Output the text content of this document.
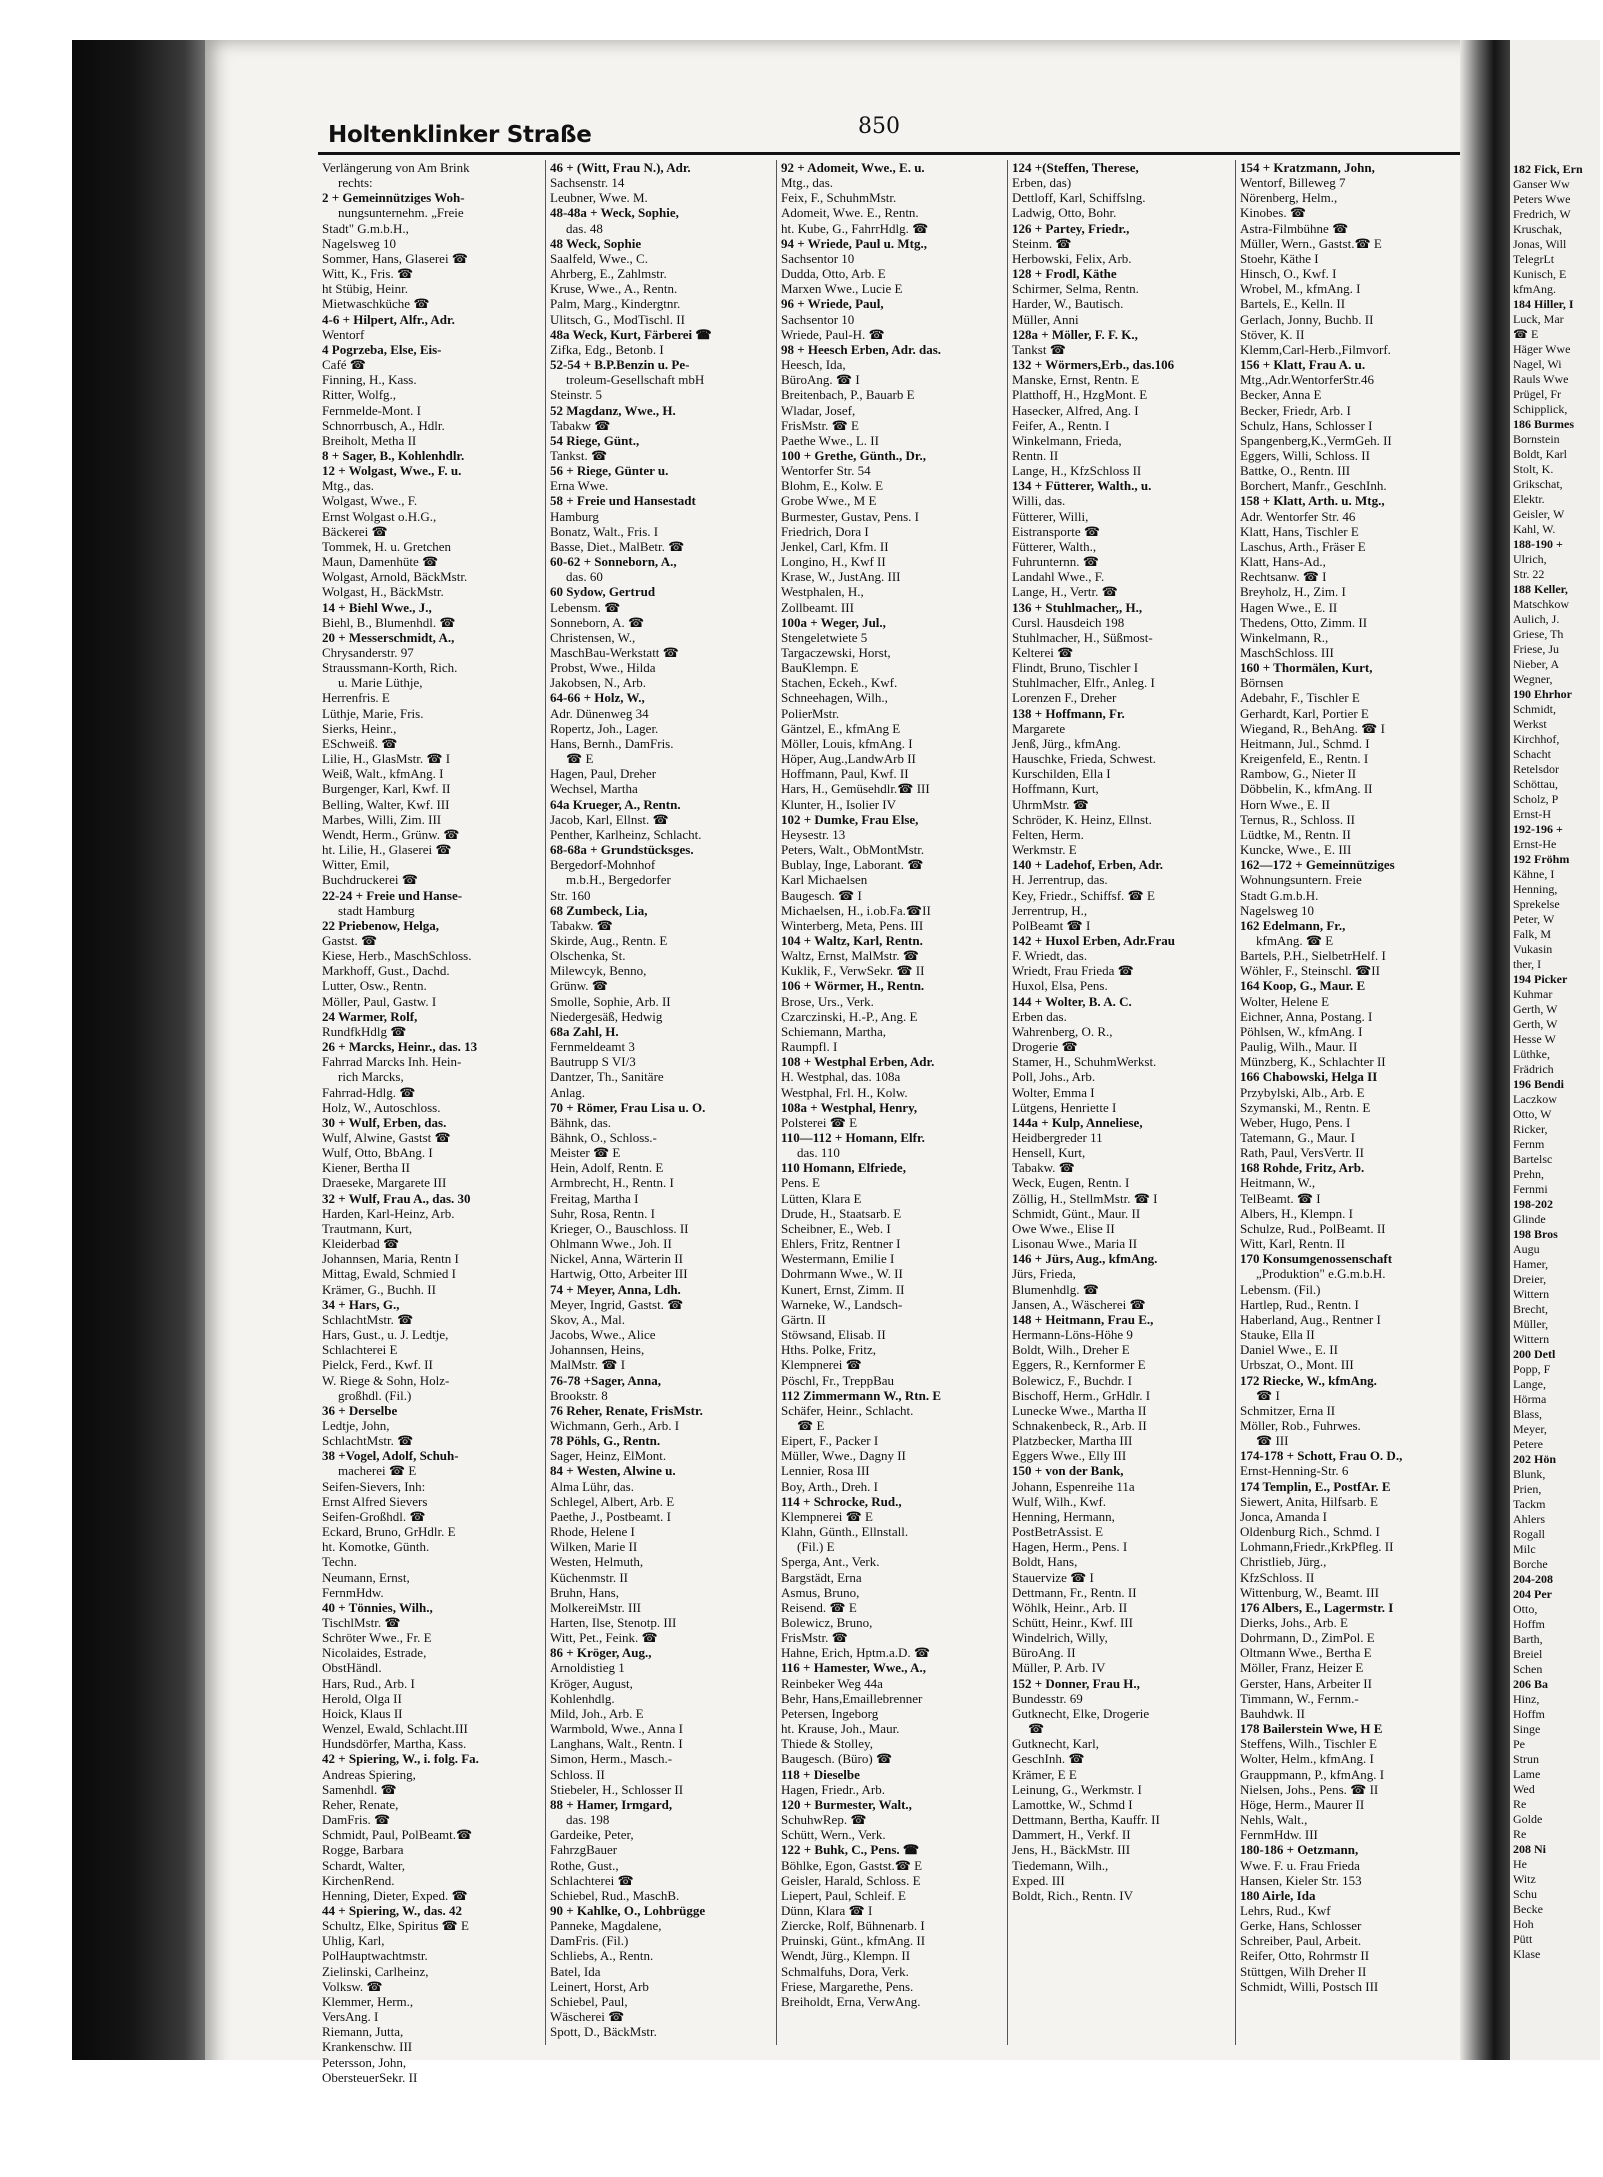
Holtenklinker Straße	850
Verlängerung von Am Brink
rechts:
2 + Gemeinnütziges Woh-
nungsunternehm. „Freie
Stadt" G.m.b.H.,
Nagelsweg 10
Sommer, Hans, Glaserei ☎
Witt, K., Fris. ☎
ht Stübig, Heinr.
Mietwaschküche ☎
4-6 + Hilpert, Alfr., Adr.
Wentorf
4 Pogrzeba, Else, Eis-
Café ☎
Finning, H., Kass.
Ritter, Wolfg.,
Fernmelde-Mont. I
Schnorrbusch, A., Hdlr.
Breiholt, Metha II
8 + Sager, B., Kohlenhdlr.
12 + Wolgast, Wwe., F. u.
Mtg., das.
Wolgast, Wwe., F.
Ernst Wolgast o.H.G.,
Bäckerei ☎
Tommek, H. u. Gretchen
Maun, Damenhüte ☎
Wolgast, Arnold, BäckMstr.
Wolgast, H., BäckMstr.
14 + Biehl Wwe., J.,
Biehl, B., Blumenhdl. ☎
20 + Messerschmidt, A.,
Chrysanderstr. 97
Straussmann-Korth, Rich.
u. Marie Lüthje,
Herrenfris. E
Lüthje, Marie, Fris.
Sierks, Heinr.,
ESchweiß. ☎
Lilie, H., GlasMstr. ☎ I
Weiß, Walt., kfmAng. I
Burgenger, Karl, Kwf. II
Belling, Walter, Kwf. III
Marbes, Willi, Zim. III
Wendt, Herm., Grünw. ☎
ht. Lilie, H., Glaserei ☎
Witter, Emil,
Buchdruckerei ☎
22-24 + Freie und Hanse-
stadt Hamburg
22 Priebenow, Helga,
Gastst. ☎
Kiese, Herb., MaschSchloss.
Markhoff, Gust., Dachd.
Lutter, Osw., Rentn.
Möller, Paul, Gastw. I
24 Warmer, Rolf,
RundfkHdlg ☎
26 + Marcks, Heinr., das. 13
Fahrrad Marcks Inh. Hein-
rich Marcks,
Fahrrad-Hdlg. ☎
Holz, W., Autoschloss.
30 + Wulf, Erben, das.
Wulf, Alwine, Gastst ☎
Wulf, Otto, BbAng. I
Kiener, Bertha II
Draeseke, Margarete III
32 + Wulf, Frau A., das. 30
Harden, Karl-Heinz, Arb.
Trautmann, Kurt,
Kleiderbad ☎
Johannsen, Maria, Rentn I
Mittag, Ewald, Schmied I
Krämer, G., Buchh. II
34 + Hars, G.,
SchlachtMstr. ☎
Hars, Gust., u. J. Ledtje,
Schlachterei E
Pielck, Ferd., Kwf. II
W. Riege & Sohn, Holz-
großhdl. (Fil.)
36 + Derselbe
Ledtje, John,
SchlachtMstr. ☎
38 +Vogel, Adolf, Schuh-
macherei ☎ E
Seifen-Sievers, Inh:
Ernst Alfred Sievers
Seifen-Großhdl. ☎
Eckard, Bruno, GrHdlr. E
ht. Komotke, Günth.
Techn.
Neumann, Ernst,
FernmHdw.
40 + Tönnies, Wilh.,
TischlMstr. ☎
Schröter Wwe., Fr. E
Nicolaides, Estrade,
ObstHändl.
Hars, Rud., Arb. I
Herold, Olga II
Hoick, Klaus II
Wenzel, Ewald, Schlacht.III
Hundsdörfer, Martha, Kass.
42 + Spiering, W., i. folg. Fa.
Andreas Spiering,
Samenhdl. ☎
Reher, Renate,
DamFris. ☎
Schmidt, Paul, PolBeamt.☎
Rogge, Barbara
Schardt, Walter,
KirchenRend.
Henning, Dieter, Exped. ☎
44 + Spiering, W., das. 42
Schultz, Elke, Spiritus ☎ E
Uhlig, Karl,
PolHauptwachtmstr.
Zielinski, Carlheinz,
Volksw. ☎
Klemmer, Herm.,
VersAng. I
Riemann, Jutta,
Krankenschw. III
Petersson, John,
ObersteuerSekr. II
46 + (Witt, Frau N.), Adr.
Sachsenstr. 14
Leubner, Wwe. M.
48-48a + Weck, Sophie,
das. 48
48 Weck, Sophie
Saalfeld, Wwe., C.
Ahrberg, E., Zahlmstr.
Kruse, Wwe., A., Rentn.
Palm, Marg., Kindergtnr.
Ulitsch, G., ModTischl. II
48a Weck, Kurt, Färberei ☎
Zifka, Edg., Betonb. I
52-54 + B.P.Benzin u. Pe-
troleum-Gesellschaft mbH
Steinstr. 5
52 Magdanz, Wwe., H.
Tabakw ☎
54 Riege, Günt.,
Tankst. ☎
56 + Riege, Günter u.
Erna Wwe.
58 + Freie und Hansestadt
Hamburg
Bonatz, Walt., Fris. I
Basse, Diet., MalBetr. ☎
60-62 + Sonneborn, A.,
das. 60
60 Sydow, Gertrud
Lebensm. ☎
Sonneborn, A. ☎
Christensen, W.,
MaschBau-Werkstatt ☎
Probst, Wwe., Hilda
Jakobsen, N., Arb.
64-66 + Holz, W.,
Adr. Dünenweg 34
Ropertz, Joh., Lager.
Hans, Bernh., DamFris.
☎ E
Hagen, Paul, Dreher
Wechsel, Martha
64a Krueger, A., Rentn.
Jacob, Karl, Ellnst. ☎
Penther, Karlheinz, Schlacht.
68-68a + Grundstücksges.
Bergedorf-Mohnhof
m.b.H., Bergedorfer
Str. 160
68 Zumbeck, Lia,
Tabakw. ☎
Skirde, Aug., Rentn. E
Olschenka, St.
Milewcyk, Benno,
Grünw. ☎
Smolle, Sophie, Arb. II
Niedergesäß, Hedwig
68a Zahl, H.
Fernmeldeamt 3
Bautrupp S VI/3
Dantzer, Th., Sanitäre
Anlag.
70 + Römer, Frau Lisa u. O.
Bähnk, das.
Bähnk, O., Schloss.-
Meister ☎ E
Hein, Adolf, Rentn. E
Armbrecht, H., Rentn. I
Freitag, Martha I
Suhr, Rosa, Rentn. I
Krieger, O., Bauschloss. II
Ohlmann Wwe., Joh. II
Nickel, Anna, Wärterin II
Hartwig, Otto, Arbeiter III
74 + Meyer, Anna, Ldh.
Meyer, Ingrid, Gastst. ☎
Skov, A., Mal.
Jacobs, Wwe., Alice
Johannsen, Heins,
MalMstr. ☎ I
76-78 +Sager, Anna,
Brookstr. 8
76 Reher, Renate, FrisMstr.
Wichmann, Gerh., Arb. I
78 Pöhls, G., Rentn.
Sager, Heinz, ElMont.
84 + Westen, Alwine u.
Alma Lühr, das.
Schlegel, Albert, Arb. E
Paethe, J., Postbeamt. I
Rhode, Helene I
Wilken, Marie II
Westen, Helmuth,
Küchenmstr. II
Bruhn, Hans,
MolkereiMstr. III
Harten, Ilse, Stenotp. III
Witt, Pet., Feink. ☎
86 + Kröger, Aug.,
Arnoldistieg 1
Kröger, August,
Kohlenhdlg.
Mild, Joh., Arb. E
Warmbold, Wwe., Anna I
Langhans, Walt., Rentn. I
Simon, Herm., Masch.-
Schloss. II
Stiebeler, H., Schlosser II
88 + Hamer, Irmgard,
das. 198
Gardeike, Peter,
FahrzgBauer
Rothe, Gust.,
Schlachterei ☎
Schiebel, Rud., MaschB.
90 + Kahlke, O., Lohbrügge
Panneke, Magdalene,
DamFris. (Fil.)
Schliebs, A., Rentn.
Batel, Ida
Leinert, Horst, Arb
Schiebel, Paul,
Wäscherei ☎
Spott, D., BäckMstr.
92 + Adomeit, Wwe., E. u.
Mtg., das.
Feix, F., SchuhmMstr.
Adomeit, Wwe. E., Rentn.
ht. Kube, G., FahrrHdlg. ☎
94 + Wriede, Paul u. Mtg.,
Sachsentor 10
Dudda, Otto, Arb. E
Marxen Wwe., Lucie E
96 + Wriede, Paul,
Sachsentor 10
Wriede, Paul-H. ☎
98 + Heesch Erben, Adr. das.
Heesch, Ida,
BüroAng. ☎ I
Breitenbach, P., Bauarb E
Wladar, Josef,
FrisMstr. ☎ E
Paethe Wwe., L. II
100 + Grethe, Günth., Dr.,
Wentorfer Str. 54
Blohm, E., Kolw. E
Grobe Wwe., M E
Burmester, Gustav, Pens. I
Friedrich, Dora I
Jenkel, Carl, Kfm. II
Longino, H., Kwf II
Krase, W., JustAng. III
Westphalen, H.,
Zollbeamt. III
100a + Weger, Jul.,
Stengeletwiete 5
Targaczewski, Horst,
BauKlempn. E
Stachen, Eckeh., Kwf.
Schneehagen, Wilh.,
PolierMstr.
Gäntzel, E., kfmAng E
Möller, Louis, kfmAng. I
Höper, Aug.,LandwArb II
Hoffmann, Paul, Kwf. II
Hars, H., Gemüsehdlr.☎ III
Klunter, H., Isolier IV
102 + Dumke, Frau Else,
Heysestr. 13
Peters, Walt., ObMontMstr.
Bublay, Inge, Laborant. ☎
Karl Michaelsen
Baugesch. ☎ I
Michaelsen, H., i.ob.Fa.☎II
Winterberg, Meta, Pens. III
104 + Waltz, Karl, Rentn.
Waltz, Ernst, MalMstr. ☎
Kuklik, F., VerwSekr. ☎ II
106 + Wörmer, H., Rentn.
Brose, Urs., Verk.
Czarczinski, H.-P., Ang. E
Schiemann, Martha,
Raumpfl. I
108 + Westphal Erben, Adr.
H. Westphal, das. 108a
Westphal, Frl. H., Kolw.
108a + Westphal, Henry,
Polsterei ☎ E
110—112 + Homann, Elfr.
das. 110
110 Homann, Elfriede,
Pens. E
Lütten, Klara E
Drude, H., Staatsarb. E
Scheibner, E., Web. I
Ehlers, Fritz, Rentner I
Westermann, Emilie I
Dohrmann Wwe., W. II
Kunert, Ernst, Zimm. II
Warneke, W., Landsch-
Gärtn. II
Stöwsand, Elisab. II
Hths. Polke, Fritz,
Klempnerei ☎
Pöschl, Fr., TreppBau
112 Zimmermann W., Rtn. E
Schäfer, Heinr., Schlacht.
☎ E
Eipert, F., Packer I
Müller, Wwe., Dagny II
Lennier, Rosa III
Boy, Arth., Dreh. I
114 + Schrocke, Rud.,
Klempnerei ☎ E
Klahn, Günth., Ellnstall.
(Fil.) E
Sperga, Ant., Verk.
Bargstädt, Erna
Asmus, Bruno,
Reisend. ☎ E
Bolewicz, Bruno,
FrisMstr. ☎
Hahne, Erich, Hptm.a.D. ☎
116 + Hamester, Wwe., A.,
Reinbeker Weg 44a
Behr, Hans,Emaillebrenner
Petersen, Ingeborg
ht. Krause, Joh., Maur.
Thiede & Stolley,
Baugesch. (Büro) ☎
118 + Dieselbe
Hagen, Friedr., Arb.
120 + Burmester, Walt.,
SchuhwRep. ☎
Schütt, Wern., Verk.
122 + Buhk, C., Pens. ☎
Böhlke, Egon, Gastst.☎ E
Geisler, Harald, Schloss. E
Liepert, Paul, Schleif. E
Dünn, Klara ☎ I
Ziercke, Rolf, Bühnenarb. I
Pruinski, Günt., kfmAng. II
Wendt, Jürg., Klempn. II
Schmalfuhs, Dora, Verk.
Friese, Margarethe, Pens.
Breiholdt, Erna, VerwAng.
124 +(Steffen, Therese,
Erben, das)
Dettloff, Karl, Schiffslng.
Ladwig, Otto, Bohr.
126 + Partey, Friedr.,
Steinm. ☎
Herbowski, Felix, Arb.
128 + Frodl, Käthe
Schirmer, Selma, Rentn.
Harder, W., Bautisch.
Müller, Anni
128a + Möller, F. F. K.,
Tankst ☎
132 + Wörmers,Erb., das.106
Manske, Ernst, Rentn. E
Platthoff, H., HzgMont. E
Hasecker, Alfred, Ang. I
Feifer, A., Rentn. I
Winkelmann, Frieda,
Rentn. II
Lange, H., KfzSchloss II
134 + Fütterer, Walth., u.
Willi, das.
Fütterer, Willi,
Eistransporte ☎
Fütterer, Walth.,
Fuhrunternn. ☎
Landahl Wwe., F.
Lange, H., Vertr. ☎
136 + Stuhlmacher,, H.,
Cursl. Hausdeich 198
Stuhlmacher, H., Süßmost-
Kelterei ☎
Flindt, Bruno, Tischler I
Stuhlmacher, Elfr., Anleg. I
Lorenzen F., Dreher
138 + Hoffmann, Fr.
Margarete
Jenß, Jürg., kfmAng.
Hauschke, Frieda, Schwest.
Kurschilden, Ella I
Hoffmann, Kurt,
UhrmMstr. ☎
Schröder, K. Heinz, Ellnst.
Felten, Herm.
Werkmstr. E
140 + Ladehof, Erben, Adr.
H. Jerrentrup, das.
Key, Friedr., Schiffsf. ☎ E
Jerrentrup, H.,
PolBeamt ☎ I
142 + Huxol Erben, Adr.Frau
F. Wriedt, das.
Wriedt, Frau Frieda ☎
Huxol, Elsa, Pens.
144 + Wolter, B. A. C.
Erben das.
Wahrenberg, O. R.,
Drogerie ☎
Stamer, H., SchuhmWerkst.
Poll, Johs., Arb.
Wolter, Emma I
Lütgens, Henriette I
144a + Kulp, Anneliese,
Heidbergreder 11
Hensell, Kurt,
Tabakw. ☎
Weck, Eugen, Rentn. I
Zöllig, H., StellmMstr. ☎ I
Schmidt, Günt., Maur. II
Owe Wwe., Elise II
Lisonau Wwe., Maria II
146 + Jürs, Aug., kfmAng.
Jürs, Frieda,
Blumenhdlg. ☎
Jansen, A., Wäscherei ☎
148 + Heitmann, Frau E.,
Hermann-Löns-Höhe 9
Boldt, Wilh., Dreher E
Eggers, R., Kernformer E
Bolewicz, F., Buchdr. I
Bischoff, Herm., GrHdlr. I
Lunecke Wwe., Martha II
Schnakenbeck, R., Arb. II
Platzbecker, Martha III
Eggers Wwe., Elly III
150 + von der Bank,
Johann, Espenreihe 11a
Wulf, Wilh., Kwf.
Henning, Hermann,
PostBetrAssist. E
Hagen, Herm., Pens. I
Boldt, Hans,
Stauervize ☎ I
Dettmann, Fr., Rentn. II
Wöhlk, Heinr., Arb. II
Schütt, Heinr., Kwf. III
Windelrich, Willy,
BüroAng. II
Müller, P. Arb. IV
152 + Donner, Frau H.,
Bundesstr. 69
Gutknecht, Elke, Drogerie
☎
Gutknecht, Karl,
GeschInh. ☎
Krämer, E E
Leinung, G., Werkmstr. I
Lamottke, W., Schmd I
Dettmann, Bertha, Kauffr. II
Dammert, H., Verkf. II
Jens, H., BäckMstr. III
Tiedemann, Wilh.,
Exped. III
Boldt, Rich., Rentn. IV
154 + Kratzmann, John,
Wentorf, Billeweg 7
Nörenberg, Helm.,
Kinobes. ☎
Astra-Filmbühne ☎
Müller, Wern., Gastst.☎ E
Stoehr, Käthe I
Hinsch, O., Kwf. I
Wrobel, M., kfmAng. I
Bartels, E., Kelln. II
Gerlach, Jonny, Buchb. II
Stöver, K. II
Klemm,Carl-Herb.,Filmvorf.
156 + Klatt, Frau A. u.
Mtg.,Adr.WentorferStr.46
Becker, Anna E
Becker, Friedr, Arb. I
Schulz, Hans, Schlosser I
Spangenberg,K.,VermGeh. II
Eggers, Willi, Schloss. II
Battke, O., Rentn. III
Borchert, Manfr., GeschInh.
158 + Klatt, Arth. u. Mtg.,
Adr. Wentorfer Str. 46
Klatt, Hans, Tischler E
Laschus, Arth., Fräser E
Klatt, Hans-Ad.,
Rechtsanw. ☎ I
Breyholz, H., Zim. I
Hagen Wwe., E. II
Thedens, Otto, Zimm. II
Winkelmann, R.,
MaschSchloss. III
160 + Thormälen, Kurt,
Börnsen
Adebahr, F., Tischler E
Gerhardt, Karl, Portier E
Wiegand, R., BehAng. ☎ I
Heitmann, Jul., Schmd. I
Kreigenfeld, E., Rentn. I
Rambow, G., Nieter II
Döbbelin, K., kfmAng. II
Horn Wwe., E. II
Ternus, R., Schloss. II
Lüdtke, M., Rentn. II
Kuncke, Wwe., E. III
162—172 + Gemeinnütziges
Wohnungsuntern. Freie
Stadt G.m.b.H.
Nagelsweg 10
162 Edelmann, Fr.,
kfmAng. ☎ E
Bartels, P.H., SielbetrHelf. I
Wöhler, F., Steinschl. ☎II
164 Koop, G., Maur. E
Wolter, Helene E
Eichner, Anna, Postang. I
Pöhlsen, W., kfmAng. I
Paulig, Wilh., Maur. II
Münzberg, K., Schlachter II
166 Chabowski, Helga II
Przybylski, Alb., Arb. E
Szymanski, M., Rentn. E
Weber, Hugo, Pens. I
Tatemann, G., Maur. I
Rath, Paul, VersVertr. II
168 Rohde, Fritz, Arb.
Heitmann, W.,
TelBeamt. ☎ I
Albers, H., Klempn. I
Schulze, Rud., PolBeamt. II
Witt, Karl, Rentn. II
170 Konsumgenossenschaft
„Produktion" e.G.m.b.H.
Lebensm. (Fil.)
Hartlep, Rud., Rentn. I
Haberland, Aug., Rentner I
Stauke, Ella II
Daniel Wwe., E. II
Urbszat, O., Mont. III
172 Riecke, W., kfmAng.
☎ I
Schmitzer, Erna II
Möller, Rob., Fuhrwes.
☎ III
174-178 + Schott, Frau O. D.,
Ernst-Henning-Str. 6
174 Templin, E., PostfAr. E
Siewert, Anita, Hilfsarb. E
Jonca, Amanda I
Oldenburg Rich., Schmd. I
Lohmann,Friedr.,KrkPfleg. II
Christlieb, Jürg.,
KfzSchloss. II
Wittenburg, W., Beamt. III
176 Albers, E., Lagermstr. I
Dierks, Johs., Arb. E
Dohrmann, D., ZimPol. E
Oltmann Wwe., Bertha E
Möller, Franz, Heizer E
Gerster, Hans, Arbeiter II
Timmann, W., Fernm.-
Bauhdwk. II
178 Bailerstein Wwe, H E
Steffens, Wilh., Tischler E
Wolter, Helm., kfmAng. I
Grauppmann, P., kfmAng. I
Nielsen, Johs., Pens. ☎ II
Höge, Herm., Maurer II
Nehls, Walt.,
FernmHdw. III
180-186 + Oetzmann,
Wwe. F. u. Frau Frieda
Hansen, Kieler Str. 153
180 Airle, Ida
Lehrs, Rud., Kwf
Gerke, Hans, Schlosser
Schreiber, Paul, Arbeit.
Reifer, Otto, Rohrmstr II
Stüttgen, Wilh Dreher II
Schmidt, Willi, Postsch III
182 Fick, Ern
Ganser Ww
Peters Wwe
Fredrich, W
Kruschak,
Jonas, Will
TelegrLt
Kunisch, E
kfmAng.
184 Hiller, I
Luck, Mar
☎ E
Häger Wwe
Nagel, Wi
Rauls Wwe
Prügel, Fr
Schipplick,
186 Burmes
Bornstein
Boldt, Karl
Stolt, K.
Grikschat,
Elektr.
Geisler, W
Kahl, W.
188-190 +
Ulrich,
Str. 22
188 Keller,
Matschkow
Aulich, J.
Griese, Th
Friese, Ju
Nieber, A
Wegner,
190 Ehrhor
Schmidt,
Werkst
Kirchhof,
Schacht
Retelsdor
Schöttau,
Scholz, P
Ernst-H
192-196 +
Ernst-He
192 Fröhm
Kähne, I
Henning,
Sprekelse
Peter, W
Falk, M
Vukasin
ther, I
194 Picker
Kuhmar
Gerth, W
Gerth, W
Hesse W
Lüthke,
Frädrich
196 Bendi
Laczkow
Otto, W
Ricker,
Fernm
Bartelsc
Prehn,
Fernmi
198-202
Glinde
198 Bros
Augu
Hamer,
Dreier,
Wittern
Brecht,
Müller,
Wittern
200 Detl
Popp, F
Lange,
Hörma
Blass,
Meyer,
Petere
202 Hön
Blunk,
Prien,
Tackm
Ahlers
Rogall
Milc
Borche
204-208
204 Per
Otto,
Hoffm
Barth,
Breiel
Schen
206 Ba
Hinz,
Hoffm
Singe
Pe
Strun
Lame
Wed
Re
Golde
Re
208 Ni
He
Witz
Schu
Becke
Hoh
Pütt
Klase
